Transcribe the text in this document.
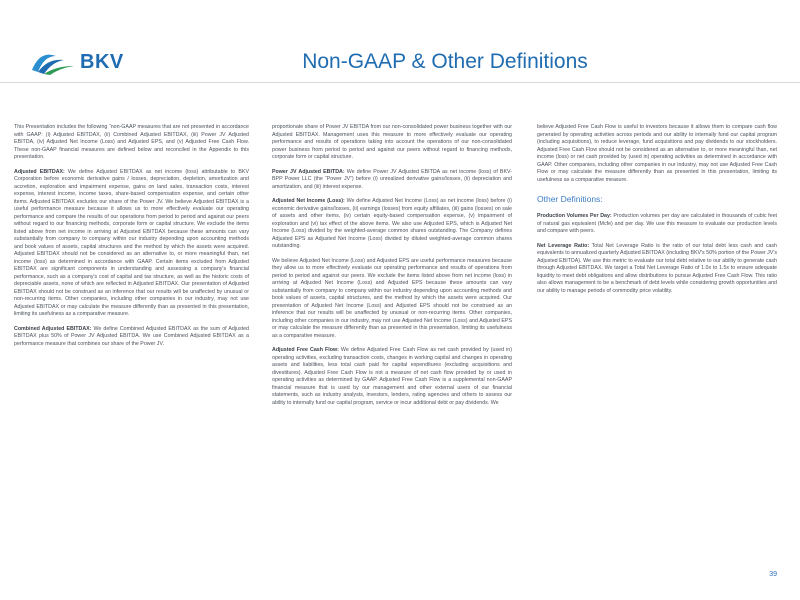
BKV	Non-GAAP & Other Definitions

This Presentation includes the following “non-GAAP measures that are not presented in accordance with GAAP: (i) Adjusted EBITDAX, (ii) Combined Adjusted EBITDAX, (iii) Power JV Adjusted EBITDA, (iv) Adjusted Net Income (Loss) and Adjusted EPS, and (v) Adjusted Free Cash Flow. These non-GAAP financial measures are defined below and reconciled in the Appendix to this presentation.

Adjusted EBITDAX: We define Adjusted EBITDAX as net income (loss) attributable to BKV Corporation before economic derivative gains / losses, depreciation, depletion, amortization and accretion, exploration and impairment expense, gains on land sales, transaction costs, interest expense, interest income, income taxes, share-based compensation expense, and certain other items. Adjusted EBITDAX excludes our share of the Power JV. We believe Adjusted EBITDAX is a useful performance measure because it allows us to more effectively evaluate our operating performance and compare the results of our operations from period to period and against our peers without regard to our financing methods, corporate form or capital structure. We exclude the items listed above from net income in arriving at Adjusted EBITDAX because these amounts can vary substantially from company to company within our industry depending upon accounting methods and book values of assets, capital structures and the method by which the assets were acquired. Adjusted EBITDAX should not be considered as an alternative to, or more meaningful than, net income (loss) as determined in accordance with GAAP. Certain items excluded from Adjusted EBITDAX are significant components in understanding and assessing a company's financial performance, such as a company's cost of capital and tax structure, as well as the historic costs of depreciable assets, none of which are reflected in Adjusted EBITDAX. Our presentation of Adjusted EBITDAX should not be construed as an inference that our results will be unaffected by unusual or non-recurring items. Other companies, including other companies in our industry, may not use Adjusted EBITDAX or may calculate the measure differently than as presented in this presentation, limiting its usefulness as a comparative measure.

Combined Adjusted EBITDAX: We define Combined Adjusted EBITDAX as the sum of Adjusted EBITDAX plus 50% of Power JV Adjusted EBITDA. We use Combined Adjusted EBITDAX as a performance measure that combines our share of the Power JV.

proportionate share of Power JV EBITDA from our non-consolidated power business together with our Adjusted EBITDAX. Management uses this measure to more effectively evaluate our operating performance and results of operations taking into account the operations of our non-consolidated power business from period to period and against our peers without regard to financing methods, corporate form or capital structure.

Power JV Adjusted EBITDA: We define Power JV Adjusted EBITDA as net income (loss) of BKV-BPP Power LLC (the “Power JV”) before (i) unrealized derivative gains/losses, (ii) depreciation and amortization, and (iii) interest expense.

Adjusted Net Income (Loss): We define Adjusted Net Income (Loss) as net income (loss) before (i) economic derivative gains/losses, (ii) earnings (losses) from equity affiliates, (iii) gains (losses) on sale of assets and other items, (iv) certain equity-based compensation expense, (v) impairment of exploration and (vi) tax effect of the above items. We also use Adjusted EPS, which is Adjusted Net Income (Loss) divided by the weighted-average common shares outstanding. The Company defines Adjusted EPS as Adjusted Net Income (Loss) divided by diluted weighted-average common shares outstanding.

We believe Adjusted Net Income (Loss) and Adjusted EPS are useful performance measures because they allow us to more effectively evaluate our operating performance and results of operations from period to period and against our peers. We exclude the items listed above from net income (loss) in arriving at Adjusted Net Income (Loss) and Adjusted EPS because these amounts can vary substantially from company to company within our industry depending upon accounting methods and book values of assets, capital structures, and the method by which the assets were acquired. Our presentation of Adjusted Net Income (Loss) and Adjusted EPS should not be construed as an inference that our results will be unaffected by unusual or non-recurring items. Other companies, including other companies in our industry, may not use Adjusted Net Income (Loss) and Adjusted EPS or may calculate the measure differently than as presented in this presentation, limiting its usefulness as a comparative measure.

Adjusted Free Cash Flow: We define Adjusted Free Cash Flow as net cash provided by (used in) operating activities, excluding transaction costs, changes in working capital and changes in operating assets and liabilities, less total cash paid for capital expenditures (excluding acquisitions and divestitures). Adjusted Free Cash Flow is not a measure of net cash flow provided by or used in operating activities as determined by GAAP. Adjusted Free Cash Flow is a supplemental non-GAAP financial measure that is used by our management and other external users of our financial statements, such as industry analysts, investors, lenders, rating agencies and others to assess our ability to internally fund our capital program, service or incur additional debt or pay dividends. We

believe Adjusted Free Cash Flow is useful to investors because it allows them to compare cash flow generated by operating activities across periods and our ability to internally fund our capital program (including acquisitions), to reduce leverage, fund acquisitions and pay dividends to our stockholders. Adjusted Free Cash Flow should not be considered as an alternative to, or more meaningful than, net income (loss) or net cash provided by (used in) operating activities as determined in accordance with GAAP. Other companies, including other companies in our industry, may not use Adjusted Free Cash Flow or may calculate the measure differently than as presented in this presentation, limiting its usefulness as a comparative measure.

Other Definitions:

Production Volumes Per Day: Production volumes per day are calculated in thousands of cubic feet of natural gas equivalent (Mcfe) and per day. We use this measure to evaluate our production levels and compare with peers.

Net Leverage Ratio: Total Net Leverage Ratio is the ratio of our total debt less cash and cash equivalents to annualized quarterly Adjusted EBITDAX (including BKV's 50% portion of the Power JV's Adjusted EBITDA). We use this metric to evaluate our total debt relative to our ability to generate cash through Adjusted EBITDAX. We target a Total Net Leverage Ratio of 1.0x to 1.5x to ensure adequate liquidity to meet debt obligations and allow distributions to pursue Adjusted Free Cash Flow. This ratio also allows management to be a benchmark of debt levels while considering growth opportunities and our ability to manage periods of commodity price volatility.

39
